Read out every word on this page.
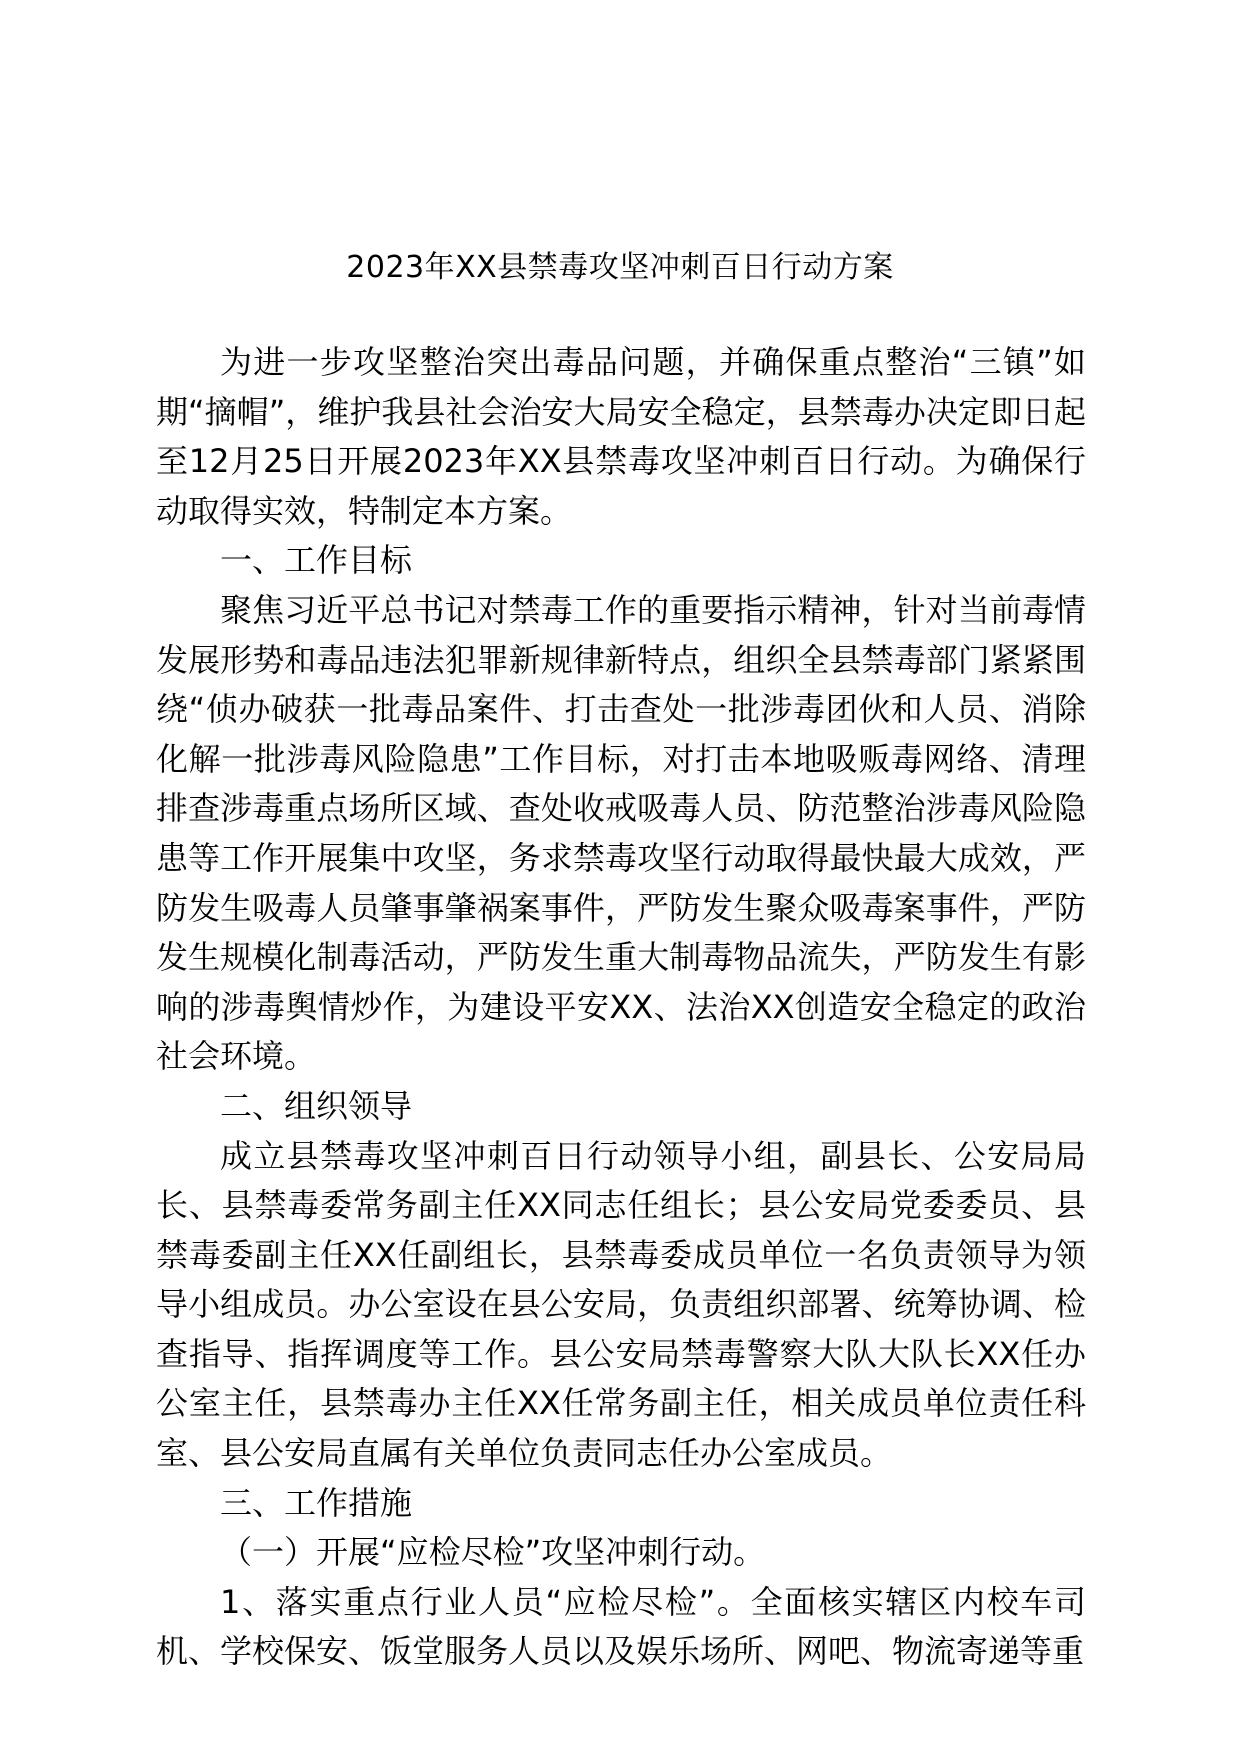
2023年XX县禁毒攻坚冲刺百日行动方案

为进一步攻坚整治突出毒品问题，并确保重点整治“三镇”如期“摘帽”，维护我县社会治安大局安全稳定，县禁毒办决定即日起至12月25日开展2023年XX县禁毒攻坚冲刺百日行动。为确保行动取得实效，特制定本方案。

一、工作目标

聚焦习近平总书记对禁毒工作的重要指示精神，针对当前毒情发展形势和毒品违法犯罪新规律新特点，组织全县禁毒部门紧紧围绕“侦办破获一批毒品案件、打击查处一批涉毒团伙和人员、消除化解一批涉毒风险隐患”工作目标，对打击本地吸贩毒网络、清理排查涉毒重点场所区域、查处收戒吸毒人员、防范整治涉毒风险隐患等工作开展集中攻坚，务求禁毒攻坚行动取得最快最大成效，严防发生吸毒人员肇事肇祸案事件，严防发生聚众吸毒案事件，严防发生规模化制毒活动，严防发生重大制毒物品流失，严防发生有影响的涉毒舆情炒作，为建设平安XX、法治XX创造安全稳定的政治社会环境。

二、组织领导

成立县禁毒攻坚冲刺百日行动领导小组，副县长、公安局局长、县禁毒委常务副主任XX同志任组长；县公安局党委委员、县禁毒委副主任XX任副组长，县禁毒委成员单位一名负责领导为领导小组成员。办公室设在县公安局，负责组织部署、统筹协调、检查指导、指挥调度等工作。县公安局禁毒警察大队大队长XX任办公室主任，县禁毒办主任XX任常务副主任，相关成员单位责任科室、县公安局直属有关单位负责同志任办公室成员。

三、工作措施

（一）开展“应检尽检”攻坚冲刺行动。

1、落实重点行业人员“应检尽检”。全面核实辖区内校车司机、学校保安、饭堂服务人员以及娱乐场所、网吧、物流寄递等重
